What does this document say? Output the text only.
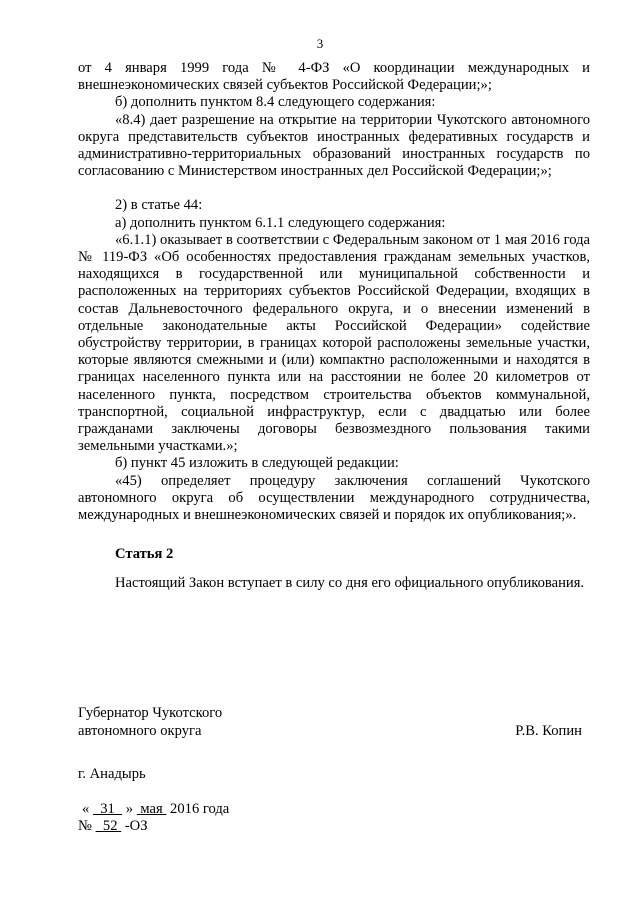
3

от 4 января 1999 года № 4-ФЗ «О координации международных и внешнеэкономических связей субъектов Российской Федерации;»;

б) дополнить пунктом 8.4 следующего содержания:

«8.4) дает разрешение на открытие на территории Чукотского автономного округа представительств субъектов иностранных федеративных государств и административно-территориальных образований иностранных государств по согласованию с Министерством иностранных дел Российской Федерации;»;

2) в статье 44:

а) дополнить пунктом 6.1.1 следующего содержания:

«6.1.1) оказывает в соответствии с Федеральным законом от 1 мая 2016 года № 119-ФЗ «Об особенностях предоставления гражданам земельных участков, находящихся в государственной или муниципальной собственности и расположенных на территориях субъектов Российской Федерации, входящих в состав Дальневосточного федерального округа, и о внесении изменений в отдельные законодательные акты Российской Федерации» содействие обустройству территории, в границах которой расположены земельные участки, которые являются смежными и (или) компактно расположенными и находятся в границах населенного пункта или на расстоянии не более 20 километров от населенного пункта, посредством строительства объектов коммунальной, транспортной, социальной инфраструктур, если с двадцатью или более гражданами заключены договоры безвозмездного пользования такими земельными участками.»;

б) пункт 45 изложить в следующей редакции:

«45) определяет процедуру заключения соглашений Чукотского автономного округа об осуществлении международного сотрудничества, международных и внешнеэкономических связей и порядок их опубликования;».

Статья 2

Настоящий Закон вступает в силу со дня его официального опубликования.

Губернатор Чукотского
автономного округа	Р.В. Копин
г. Анадырь
« 31 » мая 2016 года
№ 52 -ОЗ
